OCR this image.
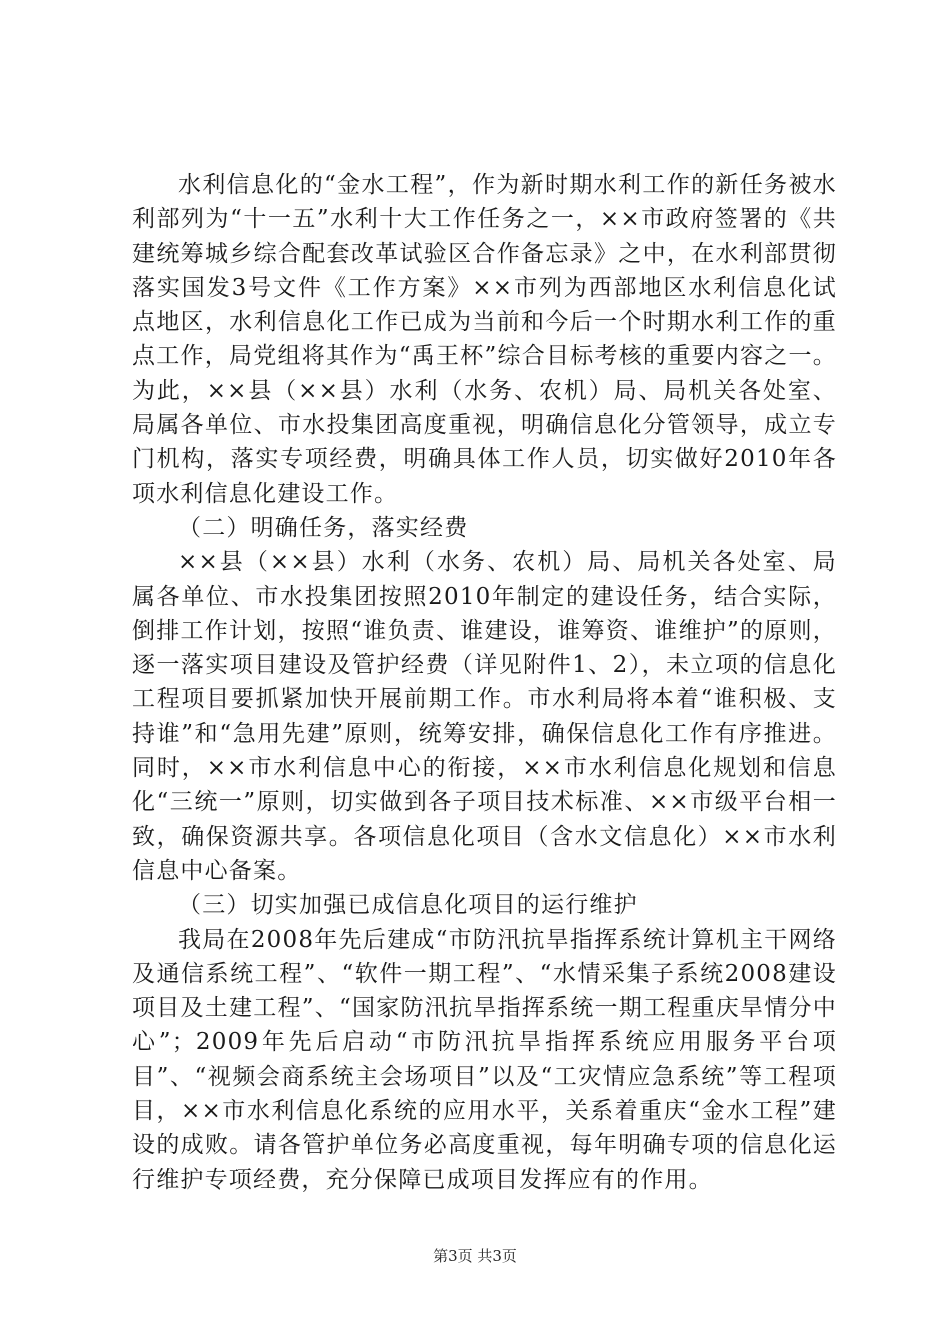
水利信息化的“金水工程”，作为新时期水利工作的新任务被水利部列为“十一五”水利十大工作任务之一，××市政府签署的《共建统筹城乡综合配套改革试验区合作备忘录》之中，在水利部贯彻落实国发3号文件《工作方案》××市列为西部地区水利信息化试点地区，水利信息化工作已成为当前和今后一个时期水利工作的重点工作，局党组将其作为“禹王杯”综合目标考核的重要内容之一。为此，××县（××县）水利（水务、农机）局、局机关各处室、局属各单位、市水投集团高度重视，明确信息化分管领导，成立专门机构，落实专项经费，明确具体工作人员，切实做好2010年各项水利信息化建设工作。

（二）明确任务，落实经费

××县（××县）水利（水务、农机）局、局机关各处室、局属各单位、市水投集团按照2010年制定的建设任务，结合实际，倒排工作计划，按照“谁负责、谁建设，谁筹资、谁维护”的原则，逐一落实项目建设及管护经费（详见附件1、2），未立项的信息化工程项目要抓紧加快开展前期工作。市水利局将本着“谁积极、支持谁”和“急用先建”原则，统筹安排，确保信息化工作有序推进。同时，××市水利信息中心的衔接，××市水利信息化规划和信息化“三统一”原则，切实做到各子项目技术标准、××市级平台相一致，确保资源共享。各项信息化项目（含水文信息化）××市水利信息中心备案。

（三）切实加强已成信息化项目的运行维护

我局在2008年先后建成“市防汛抗旱指挥系统计算机主干网络及通信系统工程”、“软件一期工程”、“水情采集子系统2008建设项目及土建工程”、“国家防汛抗旱指挥系统一期工程重庆旱情分中心”；2009年先后启动“市防汛抗旱指挥系统应用服务平台项目”、“视频会商系统主会场项目”以及“工灾情应急系统”等工程项目，××市水利信息化系统的应用水平，关系着重庆“金水工程”建设的成败。请各管护单位务必高度重视，每年明确专项的信息化运行维护专项经费，充分保障已成项目发挥应有的作用。

第3页 共3页
